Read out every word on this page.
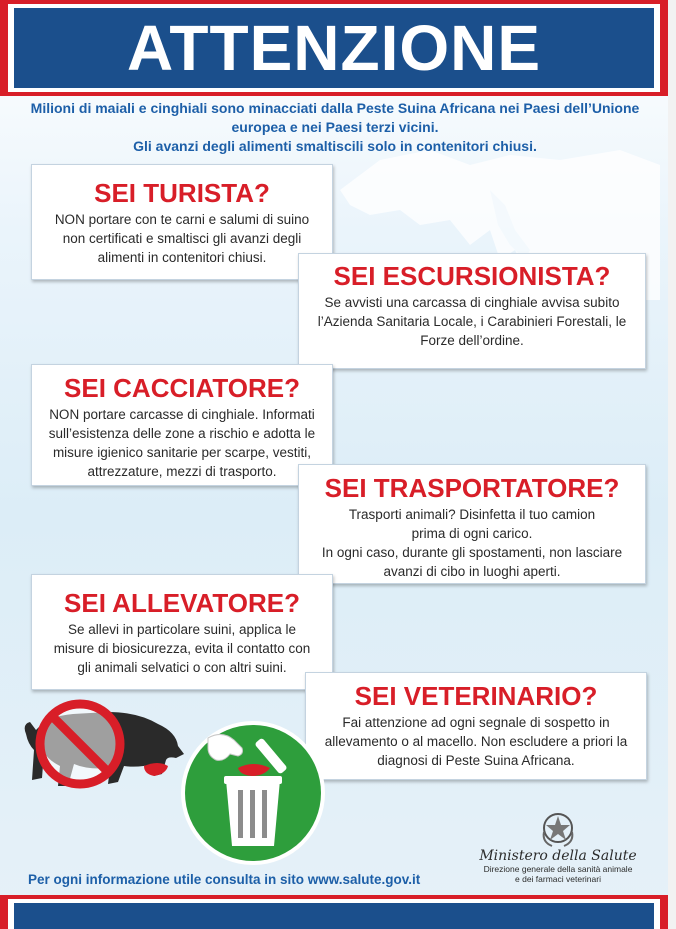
ATTENZIONE
Milioni di maiali e cinghiali sono minacciati dalla Peste Suina Africana nei Paesi dell’Unione
europea e nei Paesi terzi vicini.
Gli avanzi degli alimenti smaltiscili solo in contenitori chiusi.
SEI TURISTA?

NON portare con te carni e salumi di suino
non certificati e smaltisci gli avanzi degli
alimenti in contenitori chiusi.

SEI ESCURSIONISTA?

Se avvisti una carcassa di cinghiale avvisa subito
l’Azienda Sanitaria Locale, i Carabinieri Forestali, le
Forze dell’ordine.

SEI CACCIATORE?

NON portare carcasse di cinghiale. Informati
sull’esistenza delle zone a rischio e adotta le
misure igienico sanitarie per scarpe, vestiti,
attrezzature, mezzi di trasporto.

SEI TRASPORTATORE?

Trasporti animali? Disinfetta il tuo camion
prima di ogni carico.
In ogni caso, durante gli spostamenti, non lasciare
avanzi di cibo in luoghi aperti.

SEI ALLEVATORE?

Se allevi in particolare suini, applica le
misure di biosicurezza, evita il contatto con
gli animali selvatici o con altri suini.

SEI VETERINARIO?

Fai attenzione ad ogni segnale di sospetto in
allevamento o al macello. Non escludere a priori la
diagnosi di Peste Suina Africana.

Ministero della Salute
Direzione generale della sanità animale
e dei farmaci veterinari
Per ogni informazione utile consulta in sito www.salute.gov.it
